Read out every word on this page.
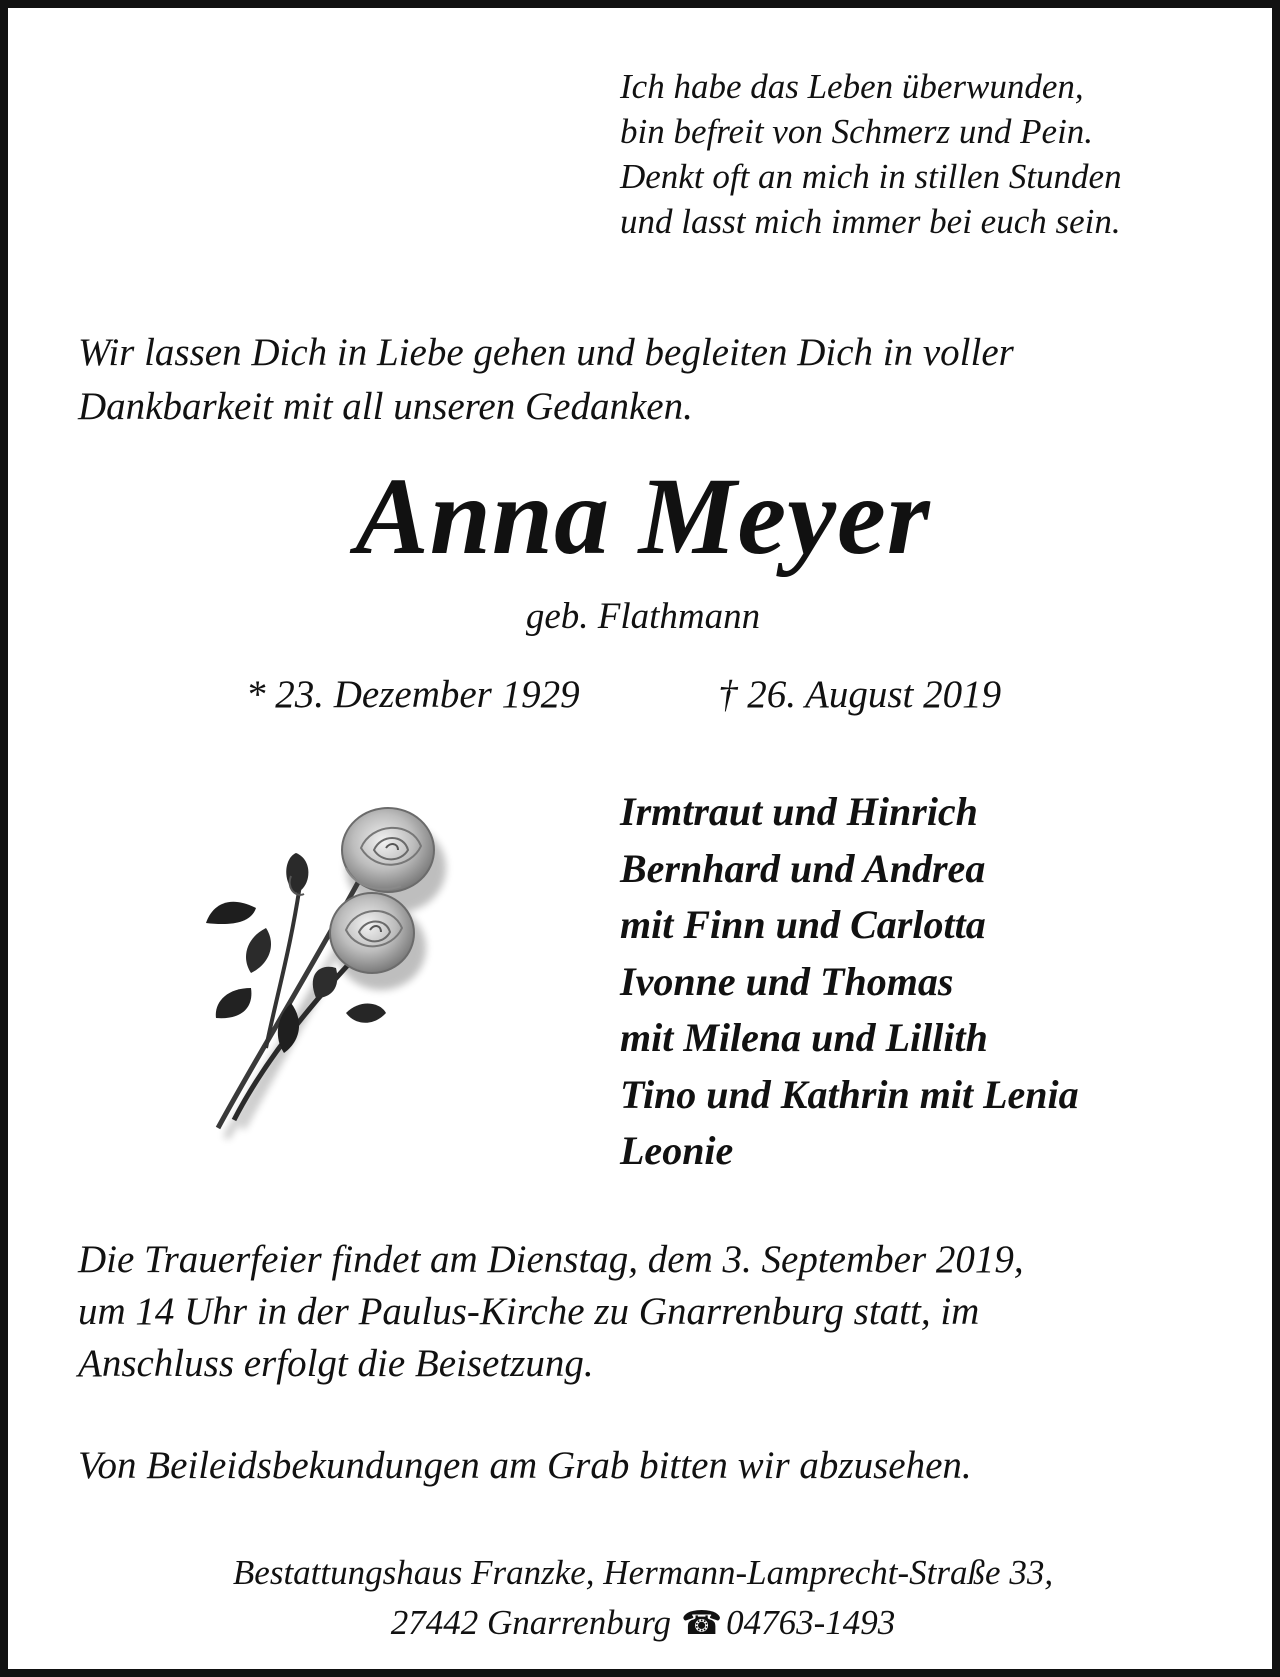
Ich habe das Leben überwunden,
bin befreit von Schmerz und Pein.
Denkt oft an mich in stillen Stunden
und lasst mich immer bei euch sein.
Wir lassen Dich in Liebe gehen und begleiten Dich in voller
Dankbarkeit mit all unseren Gedanken.
Anna Meyer
geb. Flathmann
* 23. Dezember 1929	† 26. August 2019
Irmtraut und Hinrich
Bernhard und Andrea
mit Finn und Carlotta
Ivonne und Thomas
mit Milena und Lillith
Tino und Kathrin mit Lenia
Leonie
Die Trauerfeier findet am Dienstag, dem 3. September 2019,
um 14 Uhr in der Paulus-Kirche zu Gnarrenburg statt, im
Anschluss erfolgt die Beisetzung.
Von Beileidsbekundungen am Grab bitten wir abzusehen.
Bestattungshaus Franzke, Hermann-Lamprecht-Straße 33,
27442 Gnarrenburg ☎ 04763-1493
